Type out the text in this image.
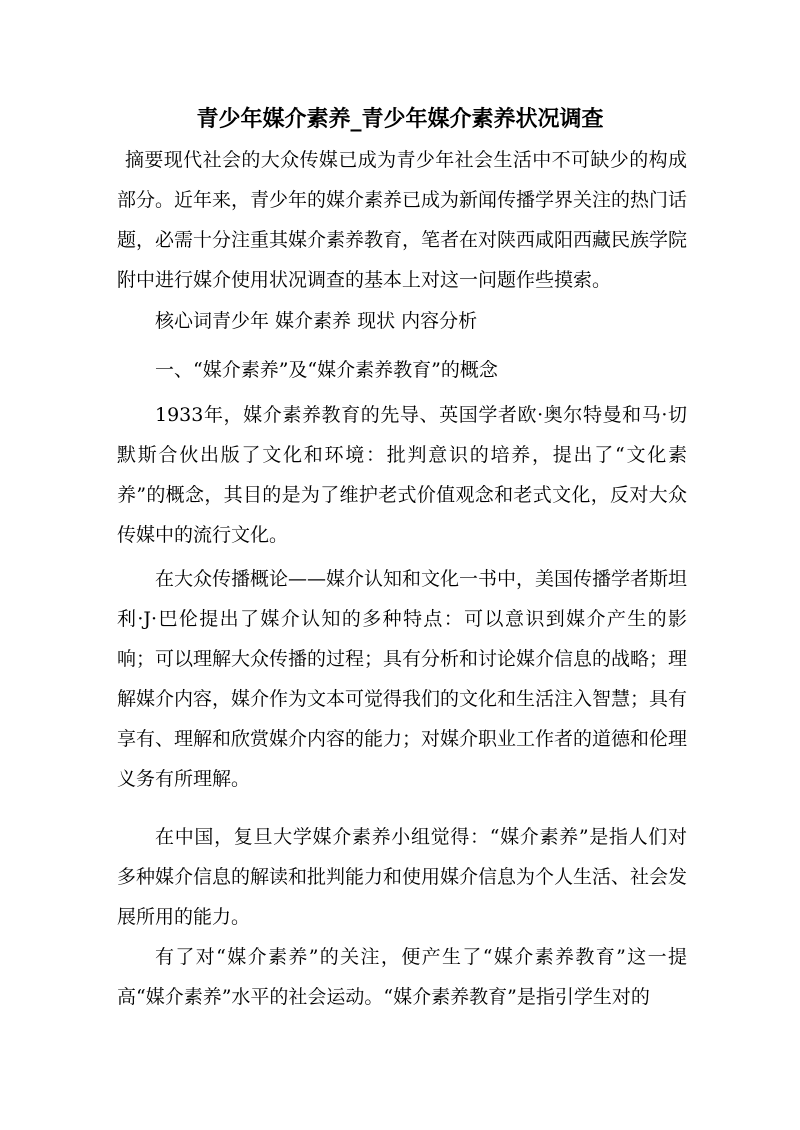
青少年媒介素养_青少年媒介素养状况调查

摘要现代社会的大众传媒已成为青少年社会生活中不可缺少的构成部分。近年来，青少年的媒介素养已成为新闻传播学界关注的热门话题，必需十分注重其媒介素养教育，笔者在对陕西咸阳西藏民族学院附中进行媒介使用状况调查的基本上对这一问题作些摸索。

核心词青少年 媒介素养 现状 内容分析

一、“媒介素养”及“媒介素养教育”的概念

1933年，媒介素养教育的先导、英国学者欧·奥尔特曼和马·切默斯合伙出版了文化和环境：批判意识的培养，提出了“文化素养”的概念，其目的是为了维护老式价值观念和老式文化，反对大众传媒中的流行文化。

在大众传播概论——媒介认知和文化一书中，美国传播学者斯坦利·J·巴伦提出了媒介认知的多种特点：可以意识到媒介产生的影响；可以理解大众传播的过程；具有分析和讨论媒介信息的战略；理解媒介内容，媒介作为文本可觉得我们的文化和生活注入智慧；具有享有、理解和欣赏媒介内容的能力；对媒介职业工作者的道德和伦理义务有所理解。

在中国，复旦大学媒介素养小组觉得：“媒介素养”是指人们对多种媒介信息的解读和批判能力和使用媒介信息为个人生活、社会发展所用的能力。

有了对“媒介素养”的关注，便产生了“媒介素养教育”这一提高“媒介素养”水平的社会运动。“媒介素养教育”是指引学生对的
